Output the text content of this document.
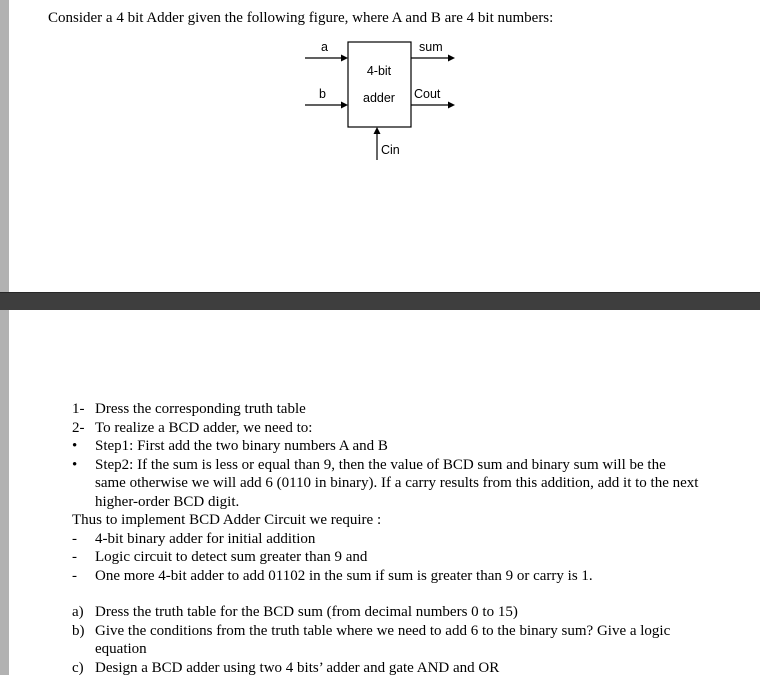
Consider a 4 bit Adder given the following figure, where A and B are 4 bit numbers:

4-bit
adder
a
b
sum
Cout
Cin
1- Dress the corresponding truth table
2- To realize a BCD adder, we need to:
•	Step1: First add the two binary numbers A and B
•	Step2: If the sum is less or equal than 9, then the value of BCD sum and binary sum will be the same otherwise we will add 6 (0110 in binary). If a carry results from this addition, add it to the next higher-order BCD digit.
Thus to implement BCD Adder Circuit we require :
-	4-bit binary adder for initial addition
-	Logic circuit to detect sum greater than 9 and
-	One more 4-bit adder to add 01102 in the sum if sum is greater than 9 or carry is 1.
a) Dress the truth table for the BCD sum (from decimal numbers 0 to 15)
b) Give the conditions from the truth table where we need to add 6 to the binary sum? Give a logic equation
c) Design a BCD adder using two 4 bits’ adder and gate AND and OR
